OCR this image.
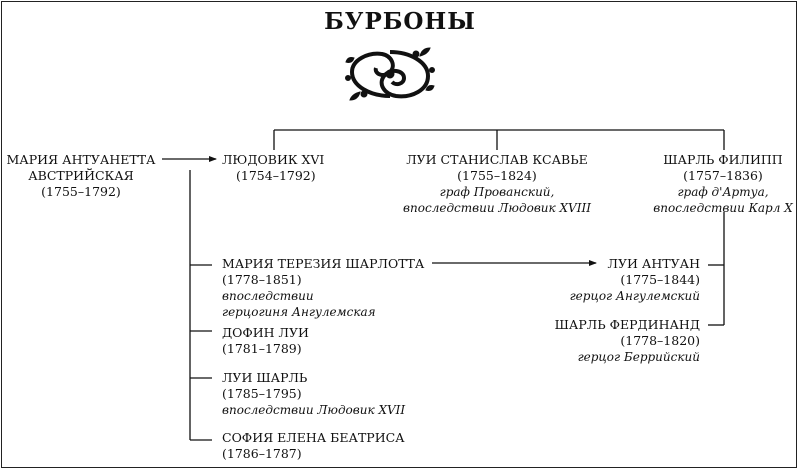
БУРБОНЫ
МАРИЯ АНТУАНЕТТА
АВСТРИЙСКАЯ
(1755–1792)
ЛЮДОВИК XVI
(1754–1792)
ЛУИ СТАНИСЛАВ КСАВЬЕ
(1755–1824)
граф Прованский,
впоследствии Людовик XVIII
ШАРЛЬ ФИЛИПП
(1757–1836)
граф д'Артуа,
впоследствии Карл X
МАРИЯ ТЕРЕЗИЯ ШАРЛОТТА
(1778–1851)
впоследствии
герцогиня Ангулемская
ДОФИН ЛУИ
(1781–1789)
ЛУИ ШАРЛЬ
(1785–1795)
впоследствии Людовик XVII
СОФИЯ ЕЛЕНА БЕАТРИСА
(1786–1787)
ЛУИ АНТУАН
(1775–1844)
герцог Ангулемский
ШАРЛЬ ФЕРДИНАНД
(1778–1820)
герцог Беррийский
